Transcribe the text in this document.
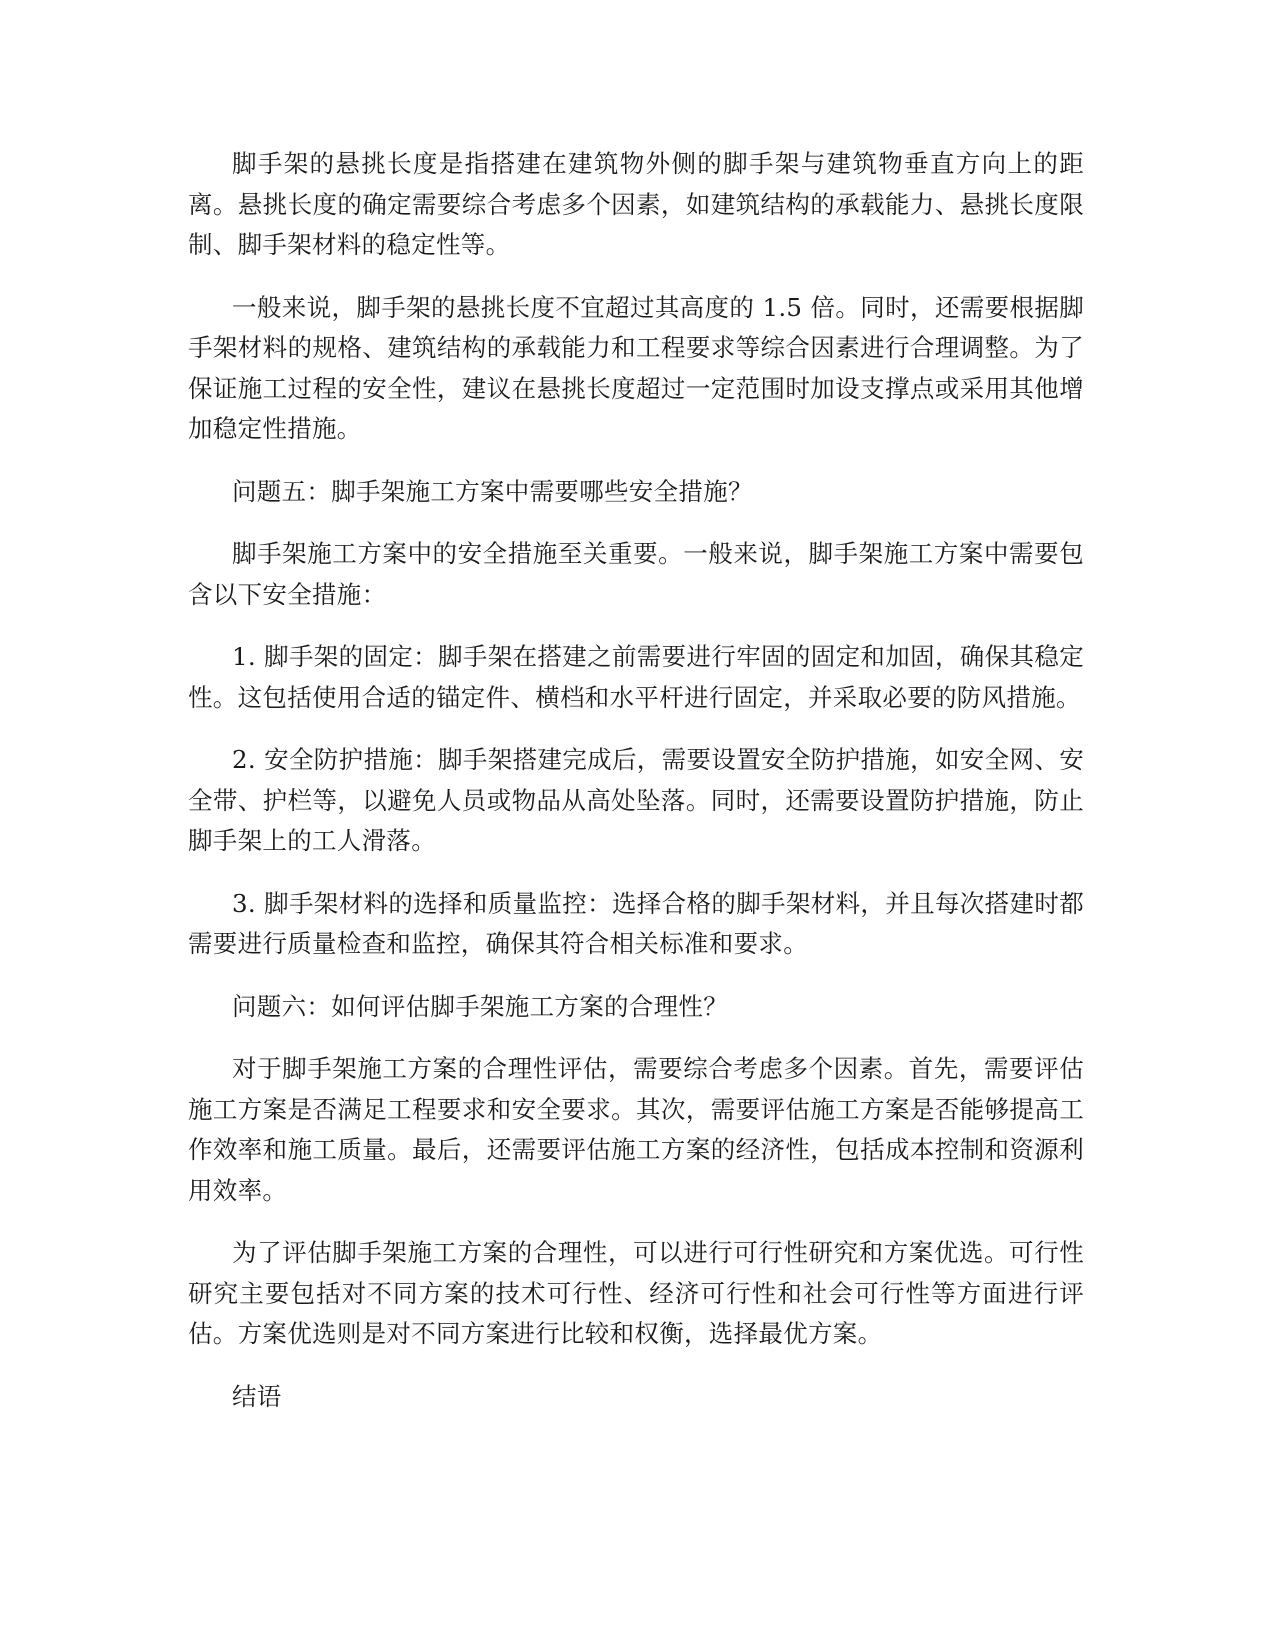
脚手架的悬挑长度是指搭建在建筑物外侧的脚手架与建筑物垂直方向上的距离。悬挑长度的确定需要综合考虑多个因素，如建筑结构的承载能力、悬挑长度限制、脚手架材料的稳定性等。

一般来说，脚手架的悬挑长度不宜超过其高度的 1.5 倍。同时，还需要根据脚手架材料的规格、建筑结构的承载能力和工程要求等综合因素进行合理调整。为了保证施工过程的安全性，建议在悬挑长度超过一定范围时加设支撑点或采用其他增加稳定性措施。

问题五：脚手架施工方案中需要哪些安全措施？

脚手架施工方案中的安全措施至关重要。一般来说，脚手架施工方案中需要包含以下安全措施：

1. 脚手架的固定：脚手架在搭建之前需要进行牢固的固定和加固，确保其稳定性。这包括使用合适的锚定件、横档和水平杆进行固定，并采取必要的防风措施。

2. 安全防护措施：脚手架搭建完成后，需要设置安全防护措施，如安全网、安全带、护栏等，以避免人员或物品从高处坠落。同时，还需要设置防护措施，防止脚手架上的工人滑落。

3. 脚手架材料的选择和质量监控：选择合格的脚手架材料，并且每次搭建时都需要进行质量检查和监控，确保其符合相关标准和要求。

问题六：如何评估脚手架施工方案的合理性？

对于脚手架施工方案的合理性评估，需要综合考虑多个因素。首先，需要评估施工方案是否满足工程要求和安全要求。其次，需要评估施工方案是否能够提高工作效率和施工质量。最后，还需要评估施工方案的经济性，包括成本控制和资源利用效率。

为了评估脚手架施工方案的合理性，可以进行可行性研究和方案优选。可行性研究主要包括对不同方案的技术可行性、经济可行性和社会可行性等方面进行评估。方案优选则是对不同方案进行比较和权衡，选择最优方案。

结语
